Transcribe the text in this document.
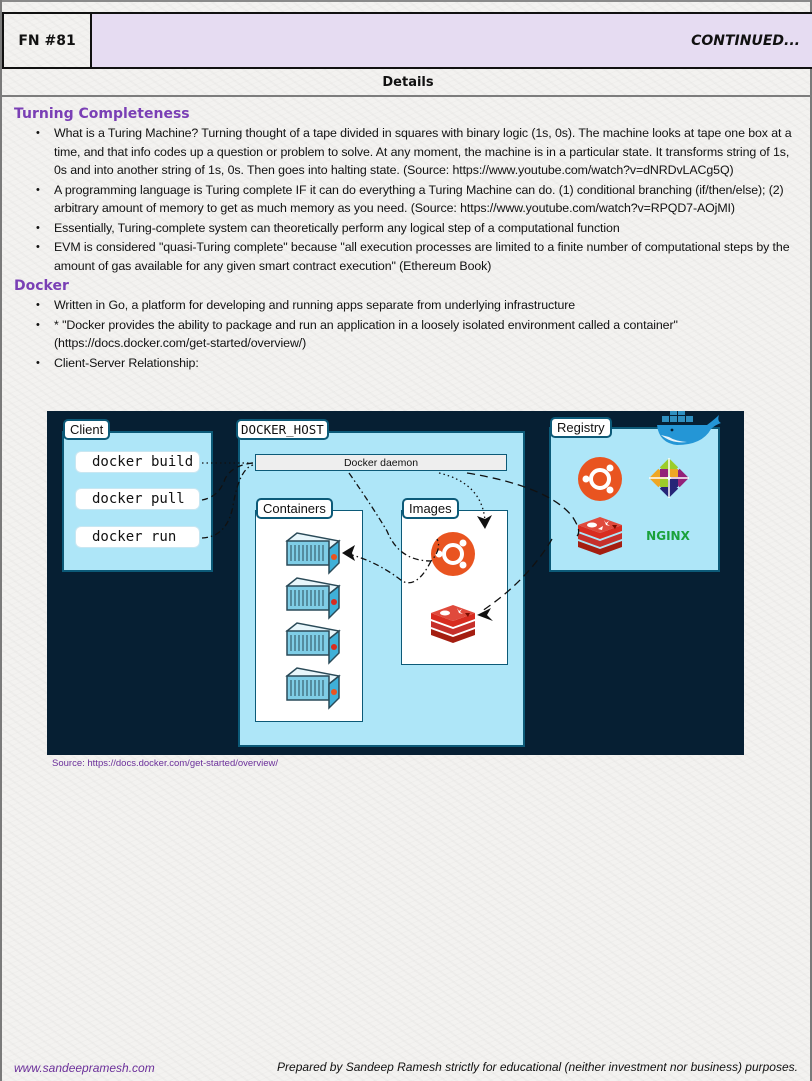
FN #81	CONTINUED...
Details
Turning Completeness
• What is a Turing Machine? Turning thought of a tape divided in squares with binary logic (1s, 0s). The machine looks at tape one box at a time, and that info codes up a question or problem to solve. At any moment, the machine is in a particular state. It transforms string of 1s, 0s and into another string of 1s, 0s. Then goes into halting state. (Source: https://www.youtube.com/watch?v=dNRDvLACg5Q)
• A programming language is Turing complete IF it can do everything a Turing Machine can do. (1) conditional branching (if/then/else); (2) arbitrary amount of memory to get as much memory as you need. (Source: https://www.youtube.com/watch?v=RPQD7-AOjMI)
• Essentially, Turing-complete system can theoretically perform any logical step of a computational function
• EVM is considered "quasi-Turing complete" because "all execution processes are limited to a finite number of computational steps by the amount of gas available for any given smart contract execution" (Ethereum Book)
Docker
• Written in Go, a platform for developing and running apps separate from underlying infrastructure
• * "Docker provides the ability to package and run an application in a loosely isolated environment called a container" (https://docs.docker.com/get-started/overview/)
• Client-Server Relationship:
Client
docker build
docker pull
docker run
DOCKER_HOST
Docker daemon
Containers	Images
Registry
NGINX
Source: https://docs.docker.com/get-started/overview/
www.sandeepramesh.com	Prepared by Sandeep Ramesh strictly for educational (neither investment nor business) purposes.
